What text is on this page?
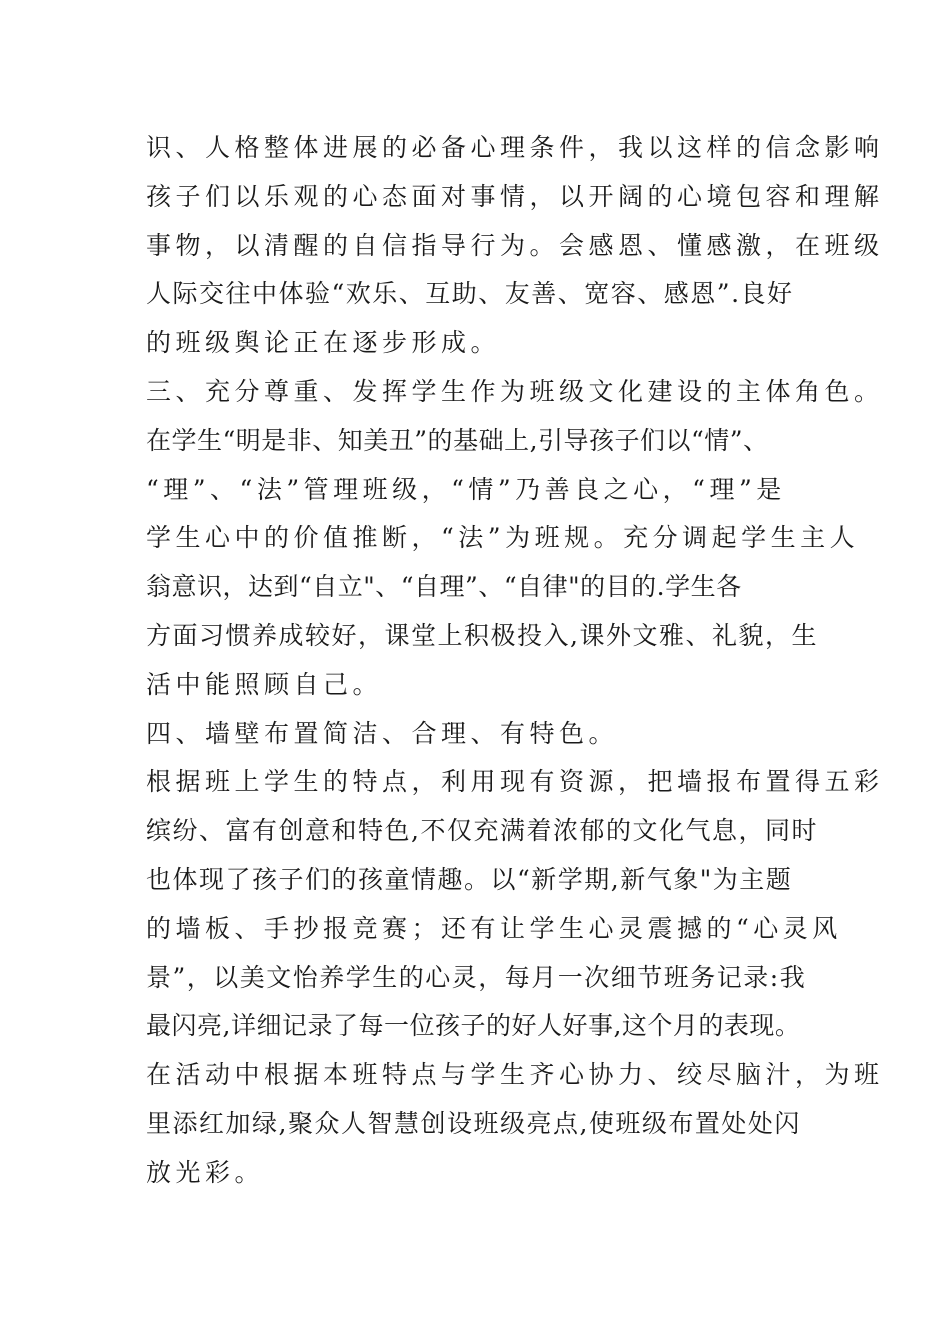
识、人格整体进展的必备心理条件，我以这样的信念影响
孩子们以乐观的心态面对事情，以开阔的心境包容和理解
事物，以清醒的自信指导行为。会感恩、懂感激，在班级
人际交往中体验“欢乐、互助、友善、宽容、感恩”.良好
的班级舆论正在逐步形成。
三、充分尊重、发挥学生作为班级文化建设的主体角色。
在学生“明是非、知美丑”的基础上,引导孩子们以“情”、
“理”、“法”管理班级，“情”乃善良之心，“理”是
学生心中的价值推断，“法”为班规。充分调起学生主人
翁意识，达到“自立"、“自理”、“自律"的目的.学生各
方面习惯养成较好，课堂上积极投入,课外文雅、礼貌，生
活中能照顾自己。
四、墙壁布置简洁、合理、有特色。
根据班上学生的特点，利用现有资源，把墙报布置得五彩
缤纷、富有创意和特色,不仅充满着浓郁的文化气息，同时
也体现了孩子们的孩童情趣。以“新学期,新气象"为主题
的墙板、手抄报竞赛；还有让学生心灵震撼的“心灵风
景”，以美文怡养学生的心灵，每月一次细节班务记录:我
最闪亮,详细记录了每一位孩子的好人好事,这个月的表现。
在活动中根据本班特点与学生齐心协力、绞尽脑汁，为班
里添红加绿,聚众人智慧创设班级亮点,使班级布置处处闪
放光彩。
